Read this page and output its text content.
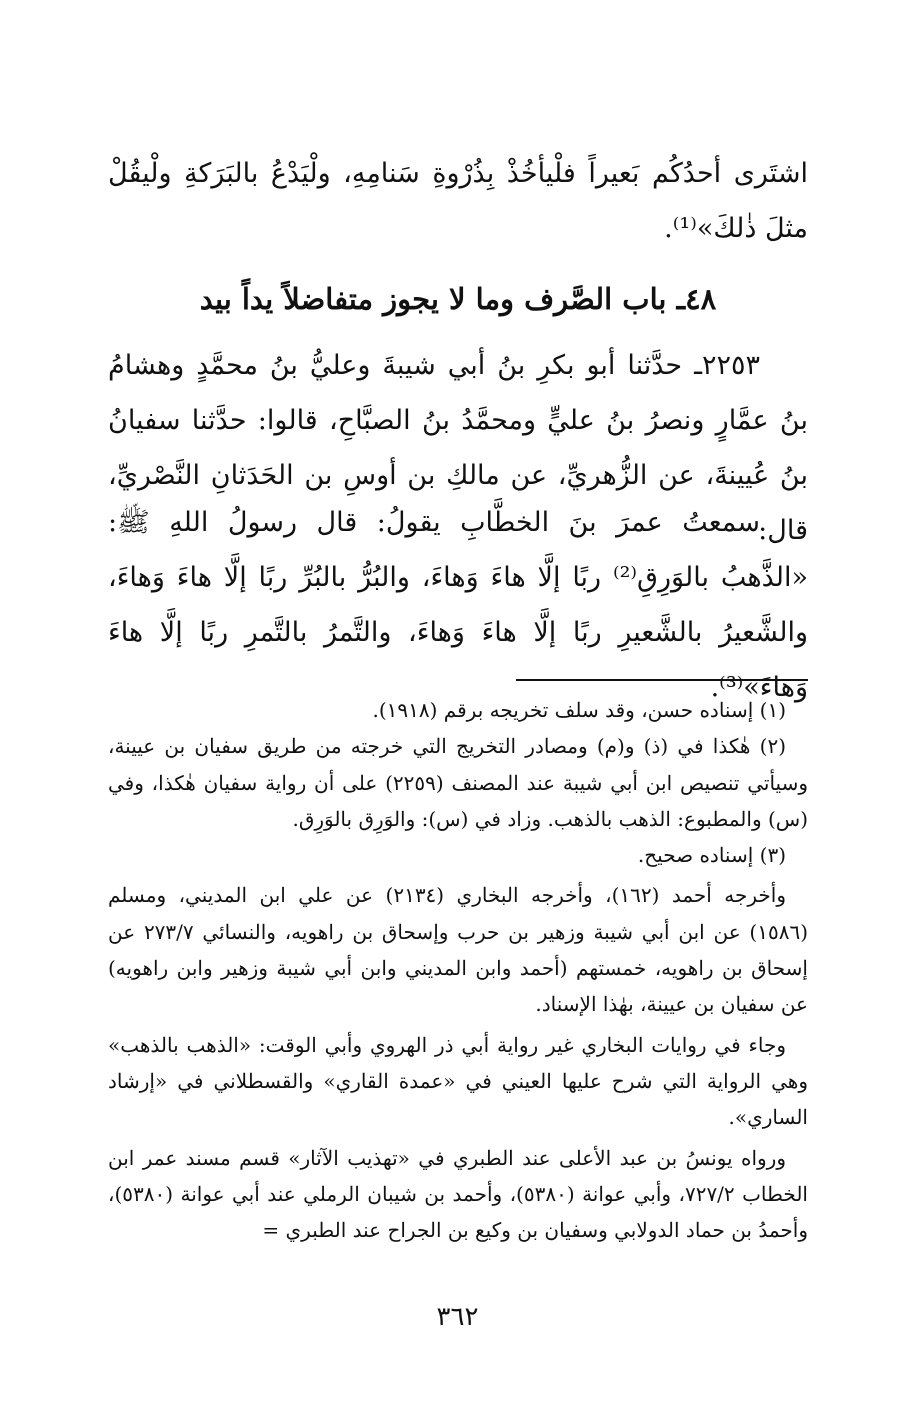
اشتَرى أحدُكُم بَعيراً فلْيأخُذْ بِذُرْوةِ سَنامِهِ، ولْيَدْعُ بالبَرَكةِ ولْيقُلْ مثلَ ذٰلكَ»⁽¹⁾.

٤٨ـ باب الصَّرف وما لا يجوز متفاضلاً يداً بيد

٢٢٥٣ـ حدَّثنا أبو بكرِ بنُ أبي شيبةَ وعليُّ بنُ محمَّدٍ وهشامُ بنُ عمَّارٍ ونصرُ بنُ عليٍّ ومحمَّدُ بنُ الصبَّاحِ، قالوا: حدَّثنا سفيانُ بنُ عُيينةَ، عن الزُّهريِّ، عن مالكِ بن أوسِ بن الحَدَثانِ النَّصْريِّ، قال:

سمعتُ عمرَ بنَ الخطَّابِ يقولُ: قال رسولُ اللهِ ﷺ: «الذَّهبُ بالوَرِقِ⁽²⁾ ربًا إلَّا هاءَ وَهاءَ، والبُرُّ بالبُرِّ ربًا إلَّا هاءَ وَهاءَ، والشَّعيرُ بالشَّعيرِ ربًا إلَّا هاءَ وَهاءَ، والتَّمرُ بالتَّمرِ ربًا إلَّا هاءَ وَهاءَ»⁽³⁾.

(١) إسناده حسن، وقد سلف تخريجه برقم (١٩١٨).

(٢) هٰكذا في (ذ) و(م) ومصادر التخريج التي خرجته من طريق سفيان بن عيينة، وسيأتي تنصيص ابن أبي شيبة عند المصنف (٢٢٥٩) على أن رواية سفيان هٰكذا، وفي (س) والمطبوع: الذهب بالذهب. وزاد في (س): والوَرِق بالوَرِق.

(٣) إسناده صحيح.

وأخرجه أحمد (١٦٢)، وأخرجه البخاري (٢١٣٤) عن علي ابن المديني، ومسلم (١٥٨٦) عن ابن أبي شيبة وزهير بن حرب وإسحاق بن راهويه، والنسائي ٢٧٣/٧ عن إسحاق بن راهويه، خمستهم (أحمد وابن المديني وابن أبي شيبة وزهير وابن راهويه) عن سفيان بن عيينة، بهٰذا الإسناد.

وجاء في روايات البخاري غير رواية أبي ذر الهروي وأبي الوقت: «الذهب بالذهب» وهي الرواية التي شرح عليها العيني في «عمدة القاري» والقسطلاني في «إرشاد الساري».

ورواه يونسُ بن عبد الأعلى عند الطبري في «تهذيب الآثار» قسم مسند عمر ابن الخطاب ٧٢٧/٢، وأبي عوانة (٥٣٨٠)، وأحمد بن شيبان الرملي عند أبي عوانة (٥٣٨٠)، وأحمدُ بن حماد الدولابي وسفيان بن وكيع بن الجراح عند الطبري =

٣٦٢
